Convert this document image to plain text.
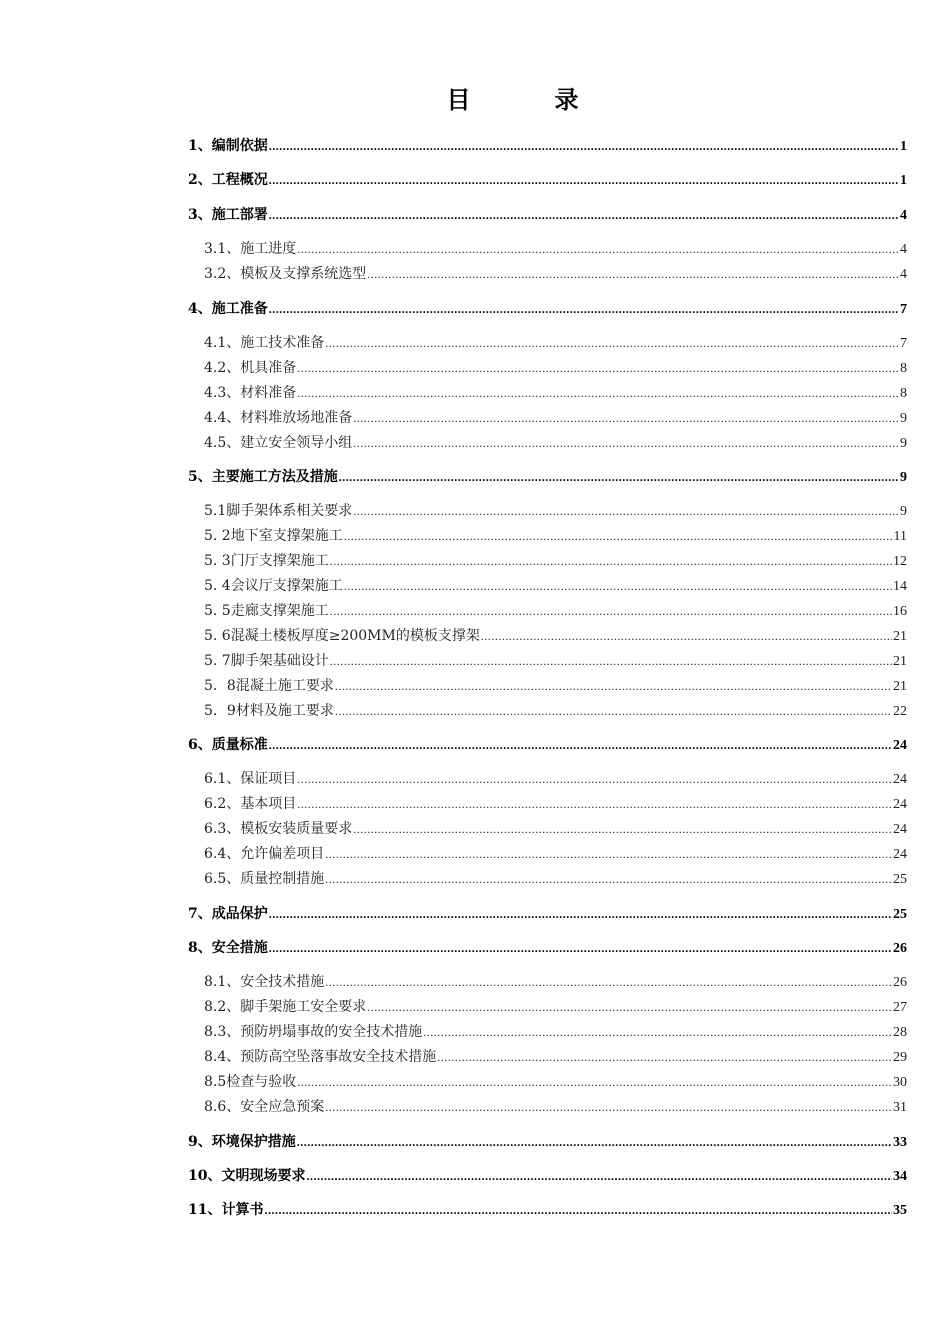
目　录
1、编制依据 .....	1
2、工程概况 .....	1
3、施工部署 .....	4
3.1、施工进度 .....	4
3.2、模板及支撑系统选型 .....	4
4、施工准备 .....	7
4.1、施工技术准备 .....	7
4.2、机具准备 .....	8
4.3、材料准备 .....	8
4.4、材料堆放场地准备 .....	9
4.5、建立安全领导小组 .....	9
5、主要施工方法及措施 .....	9
5.1脚手架体系相关要求 .....	9
5. 2地下室支撑架施工 .....	11
5. 3门厅支撑架施工 .....	12
5. 4会议厅支撑架施工 .....	14
5. 5走廊支撑架施工 .....	16
5. 6混凝土楼板厚度≥200MM的模板支撑架 .....	21
5. 7脚手架基础设计 .....	21
5．8混凝土施工要求 .....	21
5．9材料及施工要求 .....	22
6、质量标准 .....	24
6.1、保证项目 .....	24
6.2、基本项目 .....	24
6.3、模板安装质量要求 .....	24
6.4、允许偏差项目 .....	24
6.5、质量控制措施 .....	25
7、成品保护 .....	25
8、安全措施 .....	26
8.1、安全技术措施 .....	26
8.2、脚手架施工安全要求 .....	27
8.3、预防坍塌事故的安全技术措施 .....	28
8.4、预防高空坠落事故安全技术措施 .....	29
8.5检查与验收 .....	30
8.6、安全应急预案 .....	31
9、环境保护措施 .....	33
10、文明现场要求 .....	34
11、计算书 .....	35
